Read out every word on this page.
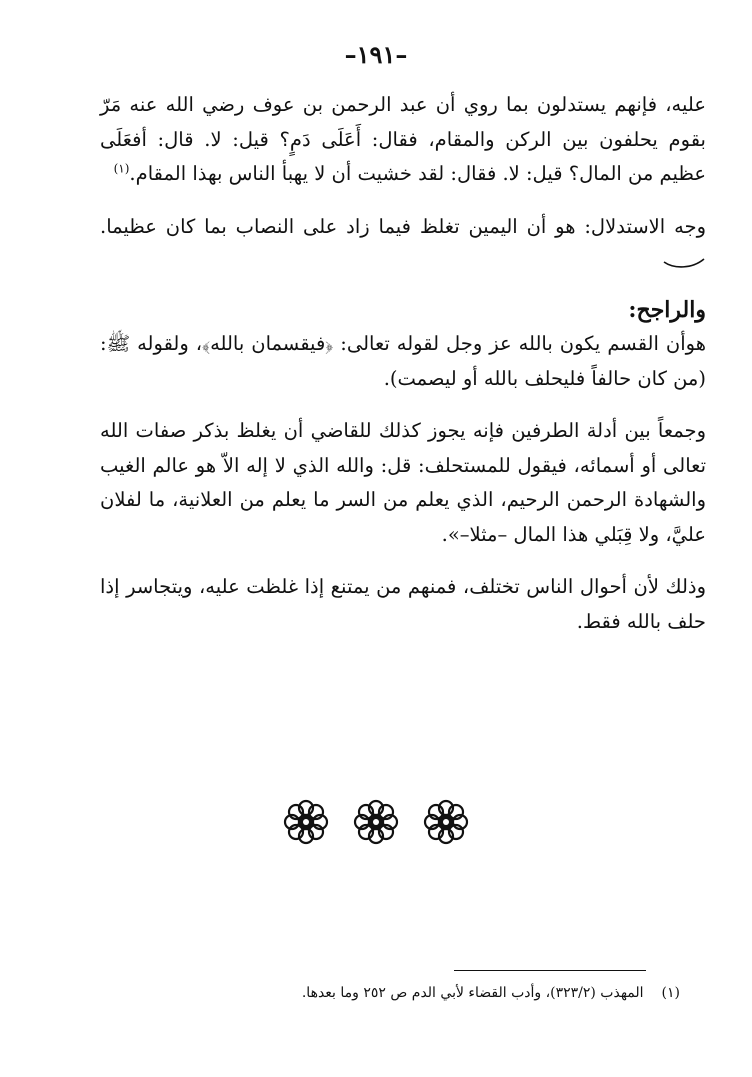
–١٩١–

عليه، فإنهم يستدلون بما روي أن عبد الرحمن بن عوف رضي الله عنه مَرّ بقوم يحلفون بين الركن والمقام، فقال: أَعَلَى دَمٍ؟ قيل: لا. قال: أفعَلَى عظيم من المال؟ قيل: لا. فقال: لقد خشيت أن لا يهبأ الناس بهذا المقام.$^{(١)}$

وجه الاستدلال: هو أن اليمين تغلظ فيما زاد على النصاب بما كان عظيما.

والراجح:

هوأن القسم يكون بالله عز وجل لقوله تعالى: ﴿فيقسمان بالله﴾، ولقوله ﷺ: (من كان حالفاً فليحلف بالله أو ليصمت).

وجمعاً بين أدلة الطرفين فإنه يجوز كذلك للقاضي أن يغلظ بذكر صفات الله تعالى أو أسمائه، فيقول للمستحلف: قل: والله الذي لا إله الاّ هو عالم الغيب والشهادة الرحمن الرحيم، الذي يعلم من السر ما يعلم من العلانية، ما لفلان عليَّ، ولا قِبَلي هذا المال –مثلا–».

وذلك لأن أحوال الناس تختلف، فمنهم من يمتنع إذا غلظت عليه، ويتجاسر إذا حلف بالله فقط.

(١)المهذب (٣٢٣/٢)، وأدب القضاء لأبي الدم ص ٢٥٢ وما بعدها.
